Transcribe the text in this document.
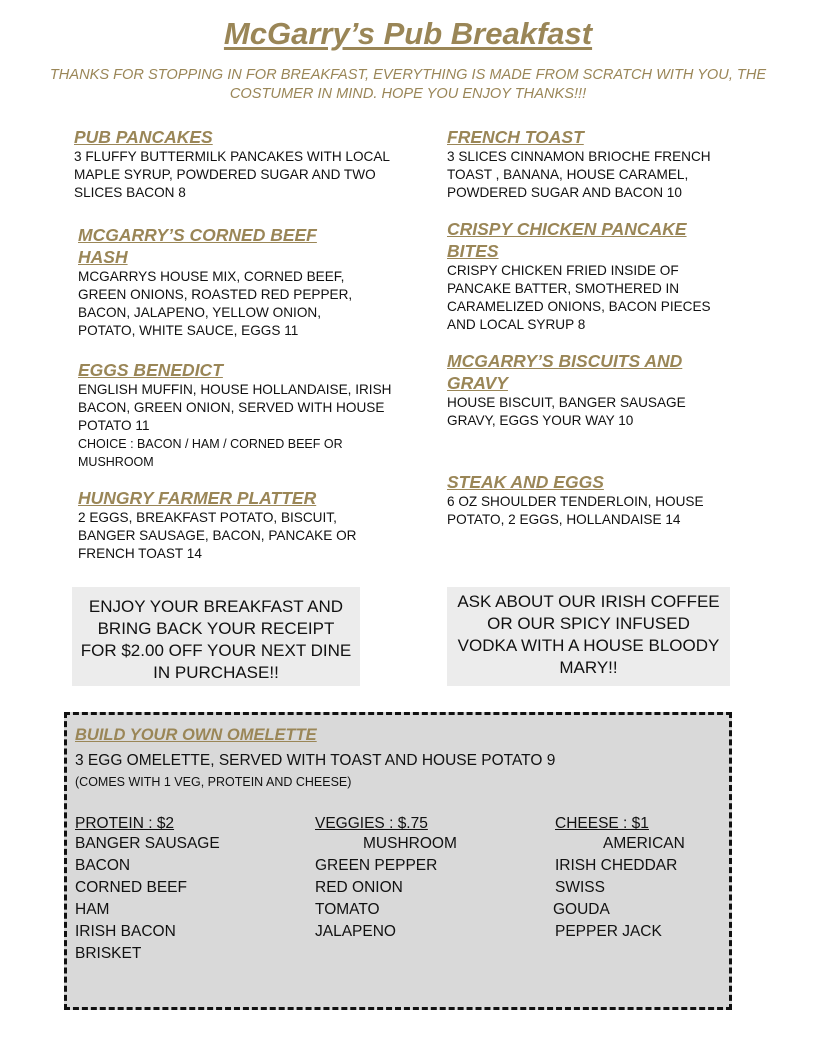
McGarry’s Pub Breakfast
THANKS FOR STOPPING IN FOR BREAKFAST, EVERYTHING IS MADE FROM SCRATCH WITH YOU, THE COSTUMER IN MIND. HOPE YOU ENJOY THANKS!!!
PUB PANCAKES
3 FLUFFY BUTTERMILK PANCAKES WITH LOCAL MAPLE SYRUP, POWDERED SUGAR AND TWO SLICES BACON 8
MCGARRY’S CORNED BEEF HASH
MCGARRYS HOUSE MIX, CORNED BEEF, GREEN ONIONS, ROASTED RED PEPPER, BACON, JALAPENO, YELLOW ONION, POTATO, WHITE SAUCE, EGGS 11
EGGS BENEDICT
ENGLISH MUFFIN, HOUSE HOLLANDAISE, IRISH BACON, GREEN ONION, SERVED WITH HOUSE POTATO 11
CHOICE : BACON / HAM / CORNED BEEF OR MUSHROOM
HUNGRY FARMER PLATTER
2 EGGS, BREAKFAST POTATO, BISCUIT, BANGER SAUSAGE, BACON, PANCAKE OR FRENCH TOAST 14
FRENCH TOAST
3 SLICES CINNAMON BRIOCHE FRENCH TOAST , BANANA, HOUSE CARAMEL, POWDERED SUGAR AND BACON 10
CRISPY CHICKEN PANCAKE BITES
CRISPY CHICKEN FRIED INSIDE OF PANCAKE BATTER, SMOTHERED IN CARAMELIZED ONIONS, BACON PIECES AND LOCAL SYRUP 8
MCGARRY’S BISCUITS AND GRAVY
HOUSE BISCUIT, BANGER SAUSAGE GRAVY, EGGS YOUR WAY 10
STEAK AND EGGS
6 OZ SHOULDER TENDERLOIN, HOUSE POTATO, 2 EGGS, HOLLANDAISE 14
ENJOY YOUR BREAKFAST AND BRING BACK YOUR RECEIPT FOR $2.00 OFF YOUR NEXT DINE IN PURCHASE!!
ASK ABOUT OUR IRISH COFFEE OR OUR SPICY INFUSED VODKA WITH A HOUSE BLOODY MARY!!
BUILD YOUR OWN OMELETTE
3 EGG OMELETTE, SERVED WITH TOAST AND HOUSE POTATO 9
(COMES WITH 1 VEG, PROTEIN AND CHEESE)
PROTEIN : $2
BANGER SAUSAGE
BACON
CORNED BEEF
HAM
IRISH BACON
BRISKET
VEGGIES : $.75
MUSHROOM
GREEN PEPPER
RED ONION
TOMATO
JALAPENO
CHEESE : $1
AMERICAN
IRISH CHEDDAR
SWISS
GOUDA
PEPPER JACK
